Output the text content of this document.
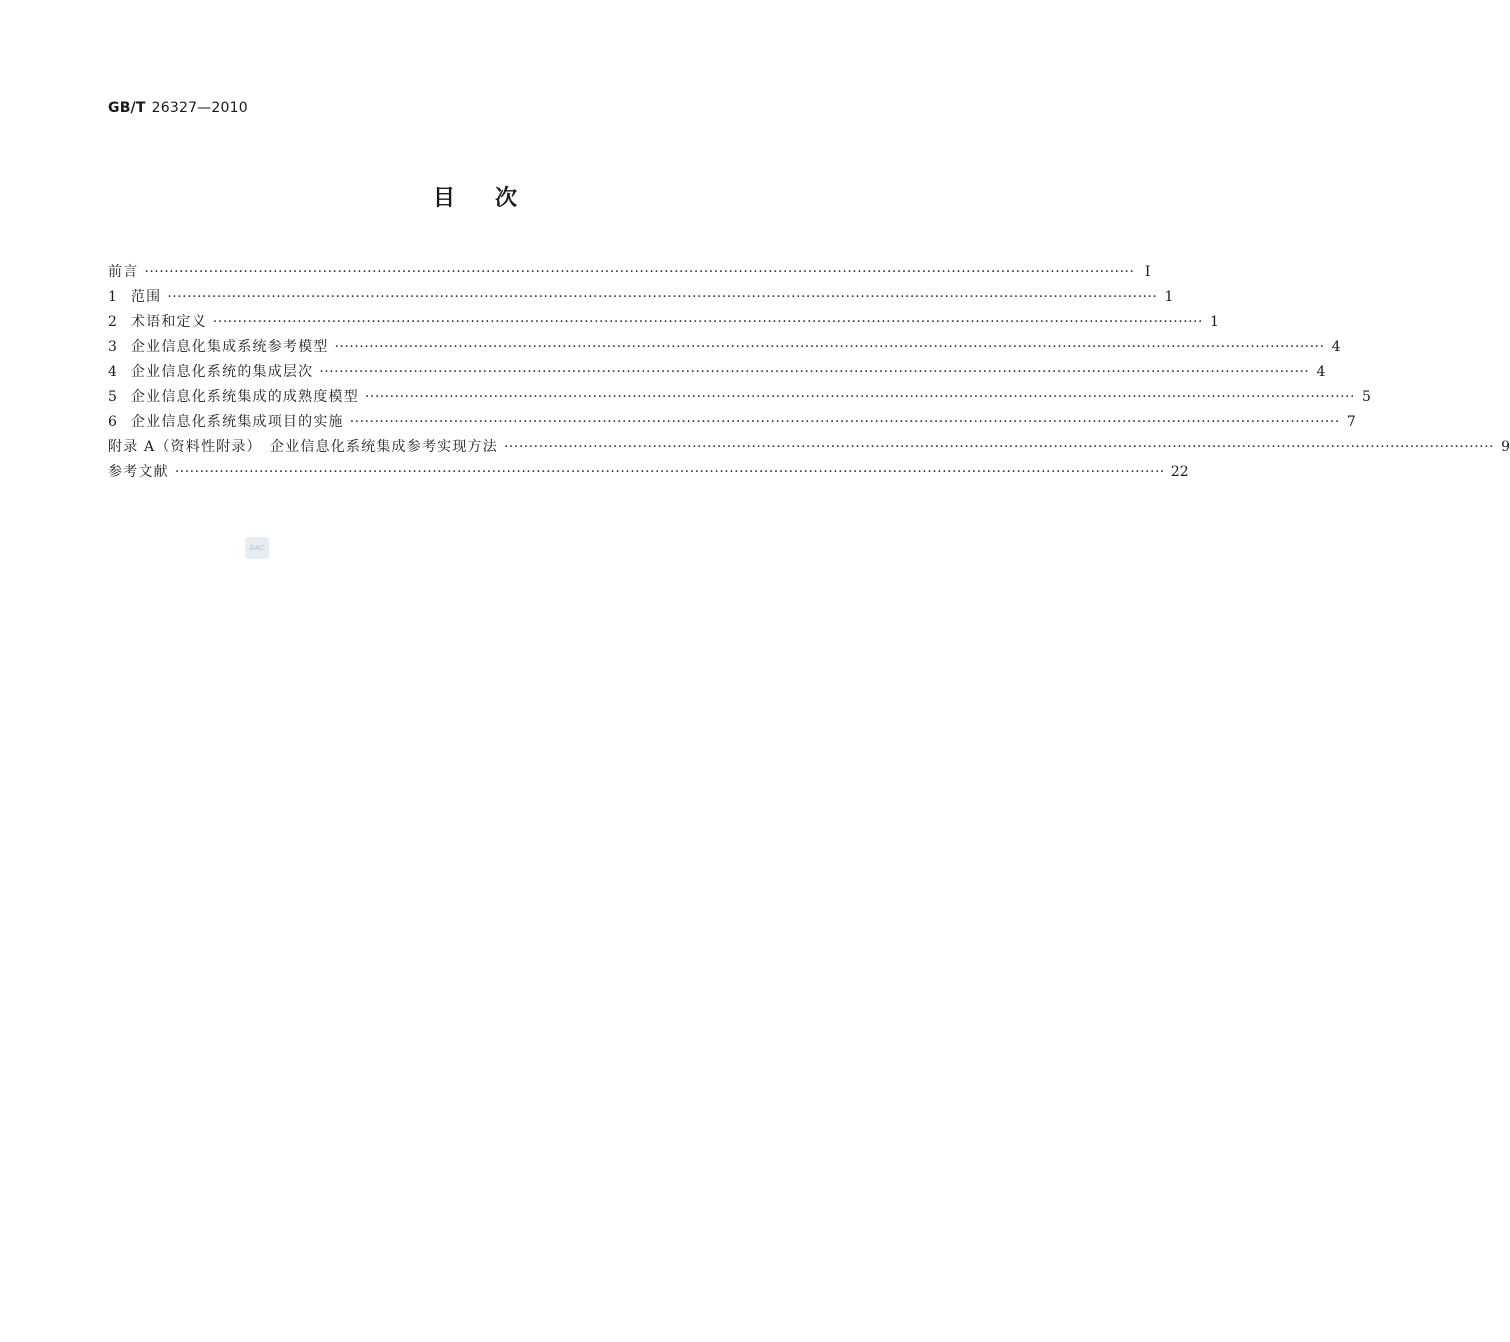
GB/T 26327—2010
目次
前言 ········································································································································································································ Ⅰ
1 范围 ········································································································································································································ 1
2 术语和定义 ········································································································································································································ 1
3 企业信息化集成系统参考模型 ········································································································································································································ 4
4 企业信息化系统的集成层次 ········································································································································································································ 4
5 企业信息化系统集成的成熟度模型 ········································································································································································································ 5
6 企业信息化系统集成项目的实施 ········································································································································································································ 7
附录 A（资料性附录）　企业信息化系统集成参考实现方法 ········································································································································································································ 9
参考文献 ········································································································································································································ 22
SAC
